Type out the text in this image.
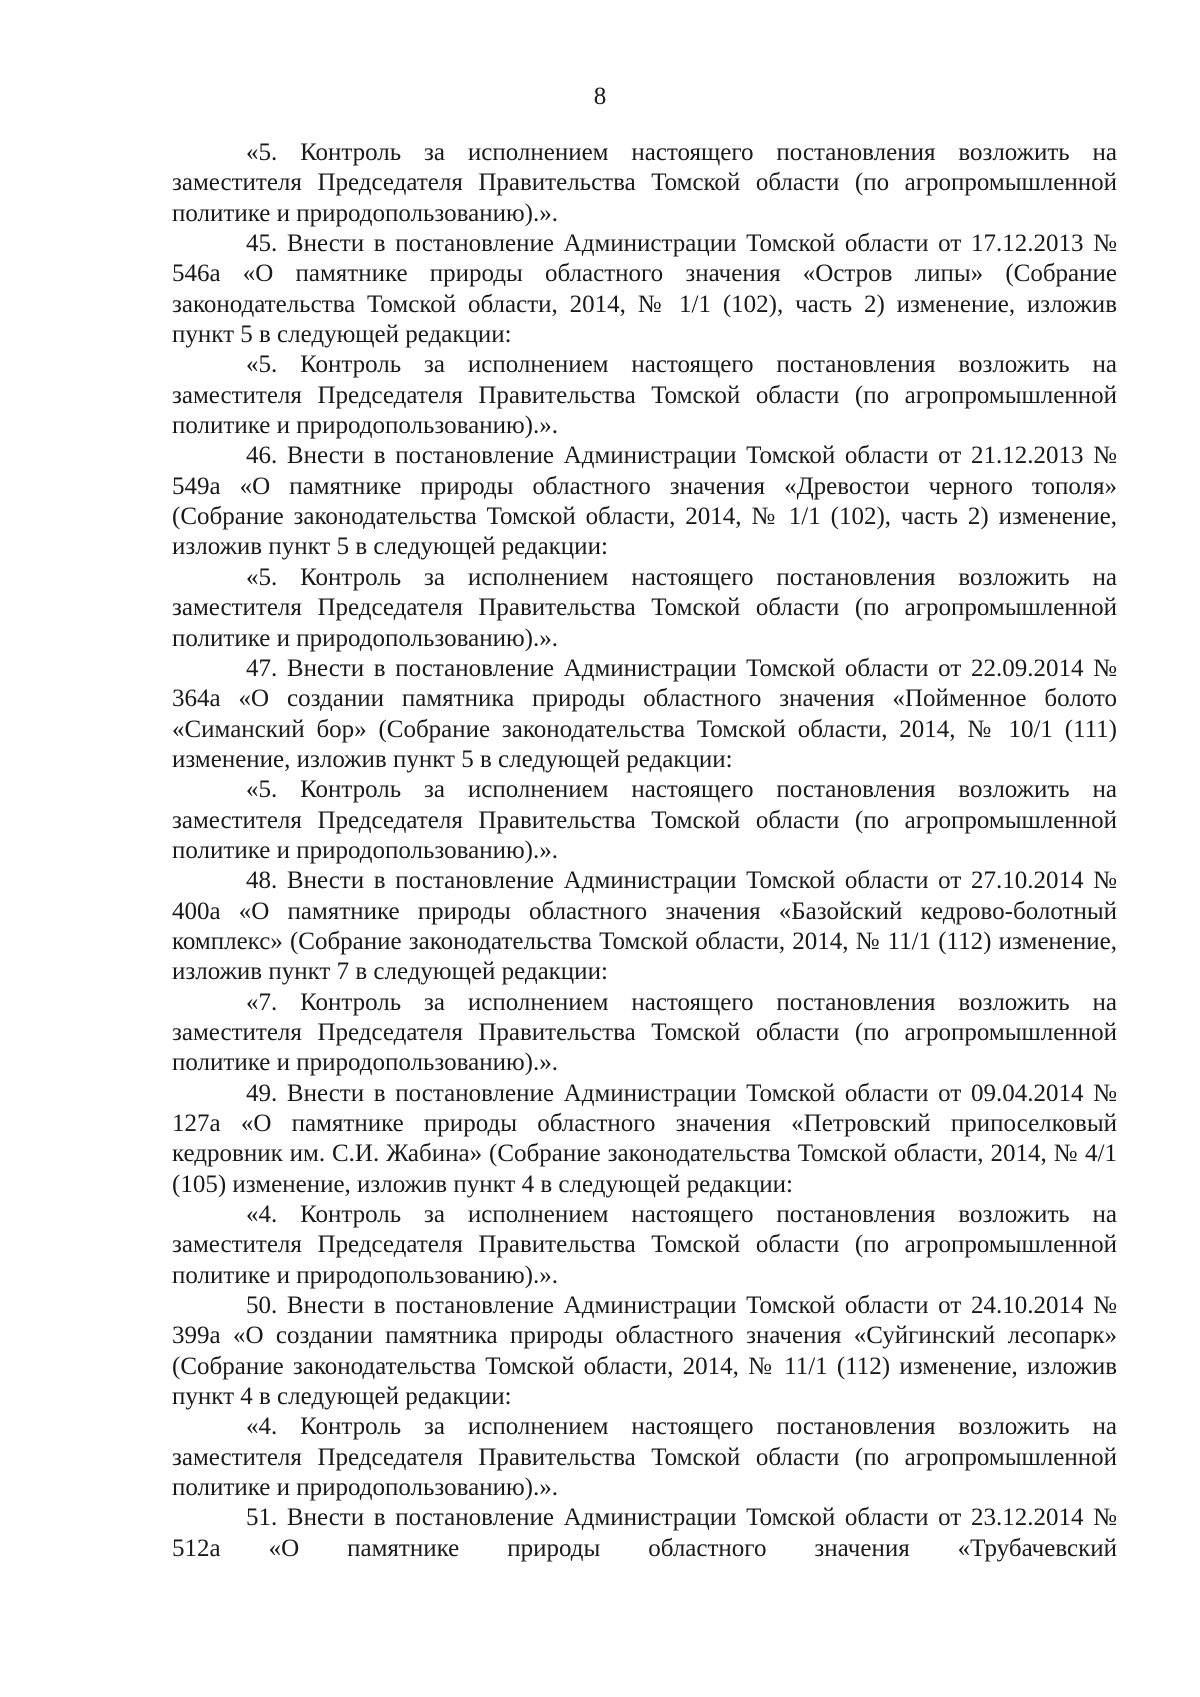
8

«5. Контроль за исполнением настоящего постановления возложить на заместителя Председателя Правительства Томской области (по агропромышленной политике и природопользованию).».

45. Внести в постановление Администрации Томской области от 17.12.2013 № 546а «О памятнике природы областного значения «Остров липы» (Собрание законодательства Томской области, 2014, № 1/1 (102), часть 2) изменение, изложив пункт 5 в следующей редакции:

«5. Контроль за исполнением настоящего постановления возложить на заместителя Председателя Правительства Томской области (по агропромышленной политике и природопользованию).».

46. Внести в постановление Администрации Томской области от 21.12.2013 № 549а «О памятнике природы областного значения «Древостои черного тополя» (Собрание законодательства Томской области, 2014, № 1/1 (102), часть 2) изменение, изложив пункт 5 в следующей редакции:

«5. Контроль за исполнением настоящего постановления возложить на заместителя Председателя Правительства Томской области (по агропромышленной политике и природопользованию).».

47. Внести в постановление Администрации Томской области от 22.09.2014 № 364а «О создании памятника природы областного значения «Пойменное болото «Симанский бор» (Собрание законодательства Томской области, 2014, № 10/1 (111) изменение, изложив пункт 5 в следующей редакции:

«5. Контроль за исполнением настоящего постановления возложить на заместителя Председателя Правительства Томской области (по агропромышленной политике и природопользованию).».

48. Внести в постановление Администрации Томской области от 27.10.2014 № 400а «О памятнике природы областного значения «Базойский кедрово-болотный комплекс» (Собрание законодательства Томской области, 2014, № 11/1 (112) изменение, изложив пункт 7 в следующей редакции:

«7. Контроль за исполнением настоящего постановления возложить на заместителя Председателя Правительства Томской области (по агропромышленной политике и природопользованию).».

49. Внести в постановление Администрации Томской области от 09.04.2014 № 127а «О памятнике природы областного значения «Петровский припоселковый кедровник им. С.И. Жабина» (Собрание законодательства Томской области, 2014, № 4/1 (105) изменение, изложив пункт 4 в следующей редакции:

«4. Контроль за исполнением настоящего постановления возложить на заместителя Председателя Правительства Томской области (по агропромышленной политике и природопользованию).».

50. Внести в постановление Администрации Томской области от 24.10.2014 № 399а «О создании памятника природы областного значения «Суйгинский лесопарк» (Собрание законодательства Томской области, 2014, № 11/1 (112) изменение, изложив пункт 4 в следующей редакции:

«4. Контроль за исполнением настоящего постановления возложить на заместителя Председателя Правительства Томской области (по агропромышленной политике и природопользованию).».

51. Внести в постановление Администрации Томской области от 23.12.2014 № 512а «О памятнике природы областного значения «Трубачевский
